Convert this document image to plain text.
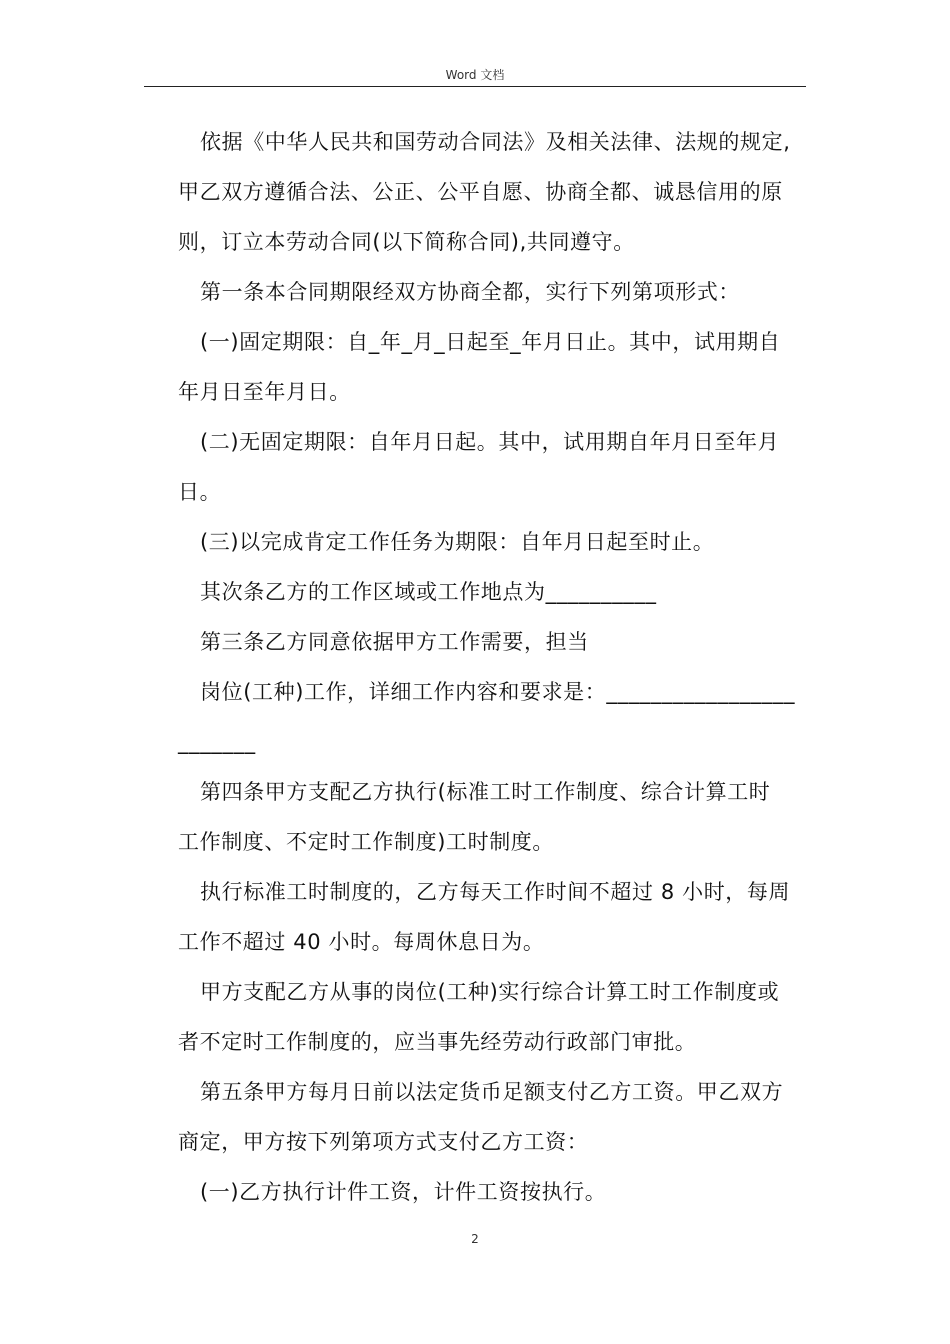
Word 文档
依据《中华人民共和国劳动合同法》及相关法律、法规的规定,
甲乙双方遵循合法、公正、公平自愿、协商全都、诚恳信用的原
则，订立本劳动合同(以下简称合同),共同遵守。
第一条本合同期限经双方协商全都，实行下列第项形式：
(一)固定期限：自_年_月_日起至_年月日止。其中，试用期自
年月日至年月日。
(二)无固定期限：自年月日起。其中，试用期自年月日至年月
日。
(三)以完成肯定工作任务为期限：自年月日起至时止。
其次条乙方的工作区域或工作地点为__________
第三条乙方同意依据甲方工作需要，担当
岗位(工种)工作，详细工作内容和要求是：_________________
_______
第四条甲方支配乙方执行(标准工时工作制度、综合计算工时
工作制度、不定时工作制度)工时制度。
执行标准工时制度的，乙方每天工作时间不超过 8 小时，每周
工作不超过 40 小时。每周休息日为。
甲方支配乙方从事的岗位(工种)实行综合计算工时工作制度或
者不定时工作制度的，应当事先经劳动行政部门审批。
第五条甲方每月日前以法定货币足额支付乙方工资。甲乙双方
商定，甲方按下列第项方式支付乙方工资：
(一)乙方执行计件工资，计件工资按执行。
2
